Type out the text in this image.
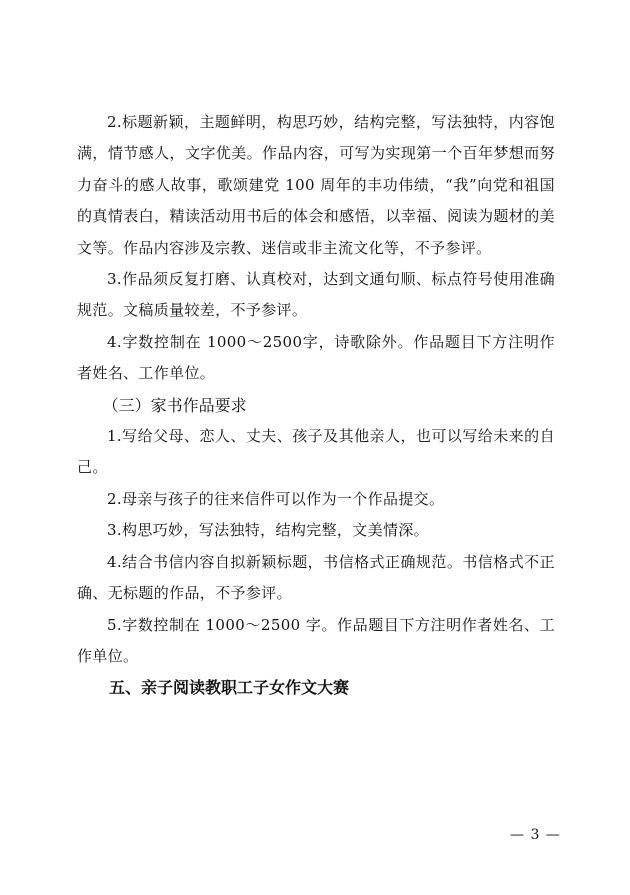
2.标题新颖，主题鲜明，构思巧妙，结构完整，写法独特，内容饱满，情节感人，文字优美。作品内容，可写为实现第一个百年梦想而努力奋斗的感人故事，歌颂建党 100 周年的丰功伟绩，“我”向党和祖国的真情表白，精读活动用书后的体会和感悟，以幸福、阅读为题材的美文等。作品内容涉及宗教、迷信或非主流文化等，不予参评。

3.作品须反复打磨、认真校对，达到文通句顺、标点符号使用准确规范。文稿质量较差，不予参评。

4.字数控制在 1000～2500字，诗歌除外。作品题目下方注明作者姓名、工作单位。

（三）家书作品要求

1.写给父母、恋人、丈夫、孩子及其他亲人，也可以写给未来的自己。

2.母亲与孩子的往来信件可以作为一个作品提交。

3.构思巧妙，写法独特，结构完整，文美情深。

4.结合书信内容自拟新颖标题，书信格式正确规范。书信格式不正确、无标题的作品，不予参评。

5.字数控制在 1000～2500 字。作品题目下方注明作者姓名、工作单位。

五、亲子阅读教职工子女作文大赛

— 3 —
